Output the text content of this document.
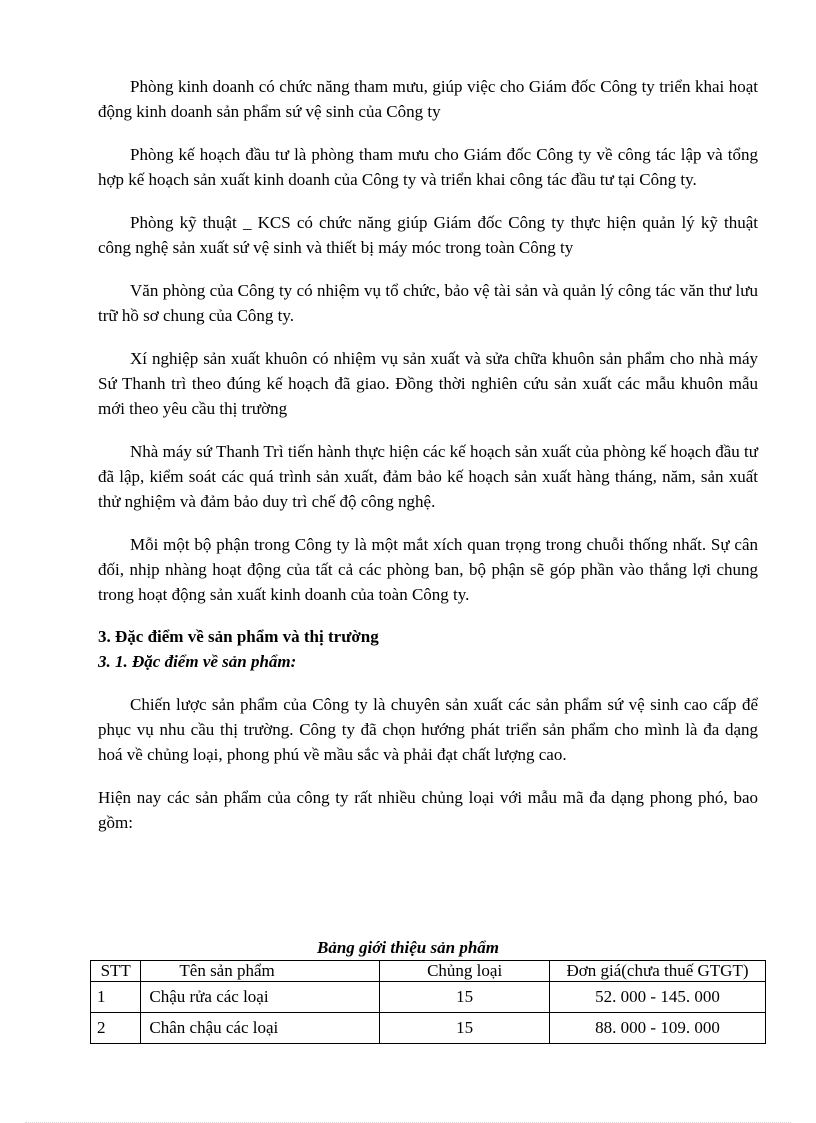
Phòng kinh doanh có chức năng tham mưu, giúp việc cho Giám đốc Công ty triển khai hoạt động kinh doanh sản phẩm sứ vệ sinh của Công ty

Phòng kế hoạch đầu tư là phòng tham mưu cho Giám đốc Công ty về công tác lập và tổng hợp kế hoạch sản xuất kinh doanh của Công ty và triển khai công tác đầu tư tại Công ty.

Phòng kỹ thuật _ KCS có chức năng giúp Giám đốc Công ty thực hiện quản lý kỹ thuật công nghệ sản xuất sứ vệ sinh và thiết bị máy móc trong toàn Công ty

Văn phòng của Công ty có nhiệm vụ tổ chức, bảo vệ tài sản và quản lý công tác văn thư lưu trữ hồ sơ chung của Công ty.

Xí nghiệp sản xuất khuôn có nhiệm vụ sản xuất và sửa chữa khuôn sản phẩm cho nhà máy Sứ Thanh trì theo đúng kế hoạch đã giao. Đồng thời nghiên cứu sản xuất các mẫu khuôn mẫu mới theo yêu cầu thị trường

Nhà máy sứ Thanh Trì tiến hành thực hiện các kế hoạch sản xuất của phòng kế hoạch đầu tư đã lập, kiểm soát các quá trình sản xuất, đảm bảo kế hoạch sản xuất hàng tháng, năm, sản xuất thử nghiệm và đảm bảo duy trì chế độ công nghệ.

Mỗi một bộ phận trong Công ty là một mắt xích quan trọng trong chuỗi thống nhất. Sự cân đối, nhịp nhàng hoạt động của tất cả các phòng ban, bộ phận sẽ góp phần vào thắng lợi chung trong hoạt động sản xuất kinh doanh của toàn Công ty.

3. Đặc điểm về sản phẩm và thị trường

3. 1. Đặc điểm về sản phẩm:

Chiến lược sản phẩm của Công ty là chuyên sản xuất các sản phẩm sứ vệ sinh cao cấp để phục vụ nhu cầu thị trường. Công ty đã chọn hướng phát triển sản phẩm cho mình là đa dạng hoá về chủng loại, phong phú về mầu sắc và phải đạt chất lượng cao.

Hiện nay các sản phẩm của công ty rất nhiều chủng loại với mẫu mã đa dạng phong phó, bao gồm:

Bảng giới thiệu sản phẩm
STT	Tên sản phẩm	Chủng loại	Đơn giá(chưa thuế GTGT)
1	Chậu rửa các loại	15	52. 000 - 145. 000
2	Chân chậu các loại	15	88. 000 - 109. 000
